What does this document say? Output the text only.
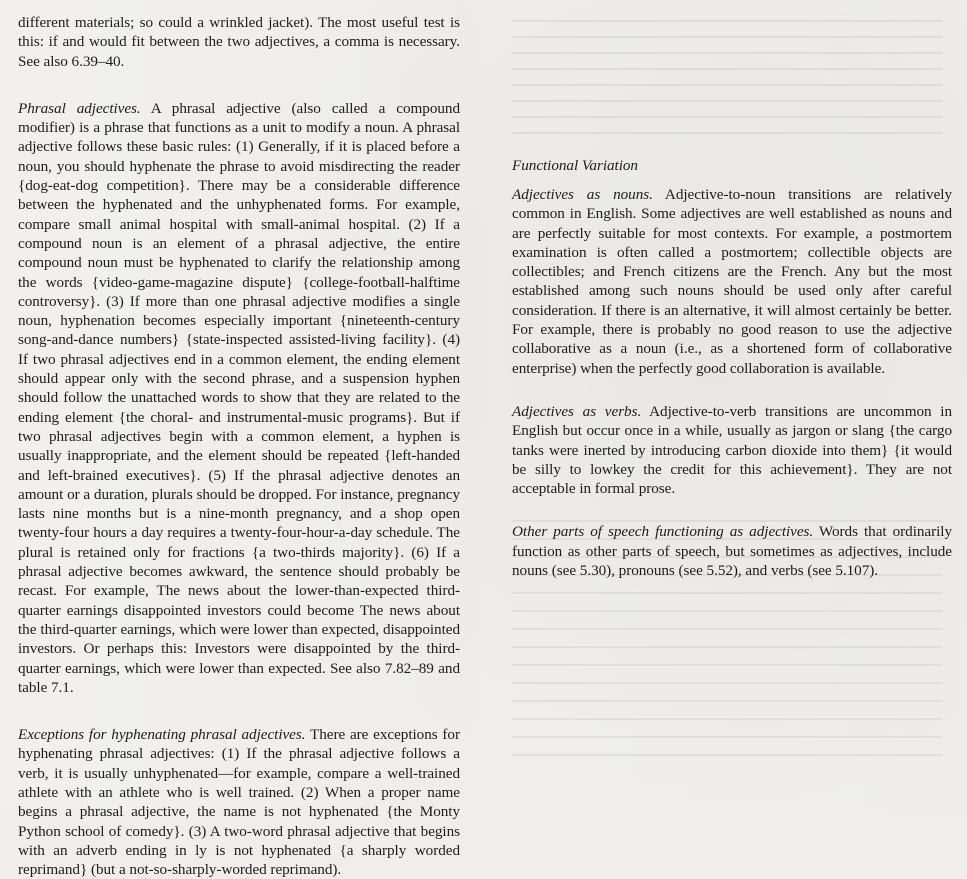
different materials; so could a wrinkled jacket). The most useful test is this: if and would fit between the two adjectives, a comma is necessary. See also 6.39–40.

Phrasal adjectives. A phrasal adjective (also called a compound modifier) is a phrase that functions as a unit to modify a noun. A phrasal adjective follows these basic rules: (1) Generally, if it is placed before a noun, you should hyphenate the phrase to avoid misdirecting the reader {dog-eat-dog competition}. There may be a considerable difference between the hyphenated and the unhyphenated forms. For example, compare small animal hospital with small-animal hospital. (2) If a compound noun is an element of a phrasal adjective, the entire compound noun must be hyphenated to clarify the relationship among the words {video-game-magazine dispute} {college-football-halftime controversy}. (3) If more than one phrasal adjective modifies a single noun, hyphenation becomes especially important {nineteenth-century song-and-dance numbers} {state-inspected assisted-living facility}. (4) If two phrasal adjectives end in a common element, the ending element should appear only with the second phrase, and a suspension hyphen should follow the unattached words to show that they are related to the ending element {the choral- and instrumental-music programs}. But if two phrasal adjectives begin with a common element, a hyphen is usually inappropriate, and the element should be repeated {left-handed and left-brained executives}. (5) If the phrasal adjective denotes an amount or a duration, plurals should be dropped. For instance, pregnancy lasts nine months but is a nine-month pregnancy, and a shop open twenty-four hours a day requires a twenty-four-hour-a-day schedule. The plural is retained only for fractions {a two-thirds majority}. (6) If a phrasal adjective becomes awkward, the sentence should probably be recast. For example, The news about the lower-than-expected third-quarter earnings disappointed investors could become The news about the third-quarter earnings, which were lower than expected, disappointed investors. Or perhaps this: Investors were disappointed by the third-quarter earnings, which were lower than expected. See also 7.82–89 and table 7.1.

Exceptions for hyphenating phrasal adjectives. There are exceptions for hyphenating phrasal adjectives: (1) If the phrasal adjective follows a verb, it is usually unhyphenated—for example, compare a well-trained athlete with an athlete who is well trained. (2) When a proper name begins a phrasal adjective, the name is not hyphenated {the Monty Python school of comedy}. (3) A two-word phrasal adjective that begins with an adverb ending in ly is not hyphenated {a sharply worded reprimand} (but a not-so-sharply-worded reprimand).

Functional Variation

Adjectives as nouns. Adjective-to-noun transitions are relatively common in English. Some adjectives are well established as nouns and are perfectly suitable for most contexts. For example, a postmortem examination is often called a postmortem; collectible objects are collectibles; and French citizens are the French. Any but the most established among such nouns should be used only after careful consideration. If there is an alternative, it will almost certainly be better. For example, there is probably no good reason to use the adjective collaborative as a noun (i.e., as a shortened form of collaborative enterprise) when the perfectly good collaboration is available.

Adjectives as verbs. Adjective-to-verb transitions are uncommon in English but occur once in a while, usually as jargon or slang {the cargo tanks were inerted by introducing carbon dioxide into them} {it would be silly to lowkey the credit for this achievement}. They are not acceptable in formal prose.

Other parts of speech functioning as adjectives. Words that ordinarily function as other parts of speech, but sometimes as adjectives, include nouns (see 5.30), pronouns (see 5.52), and verbs (see 5.107).
